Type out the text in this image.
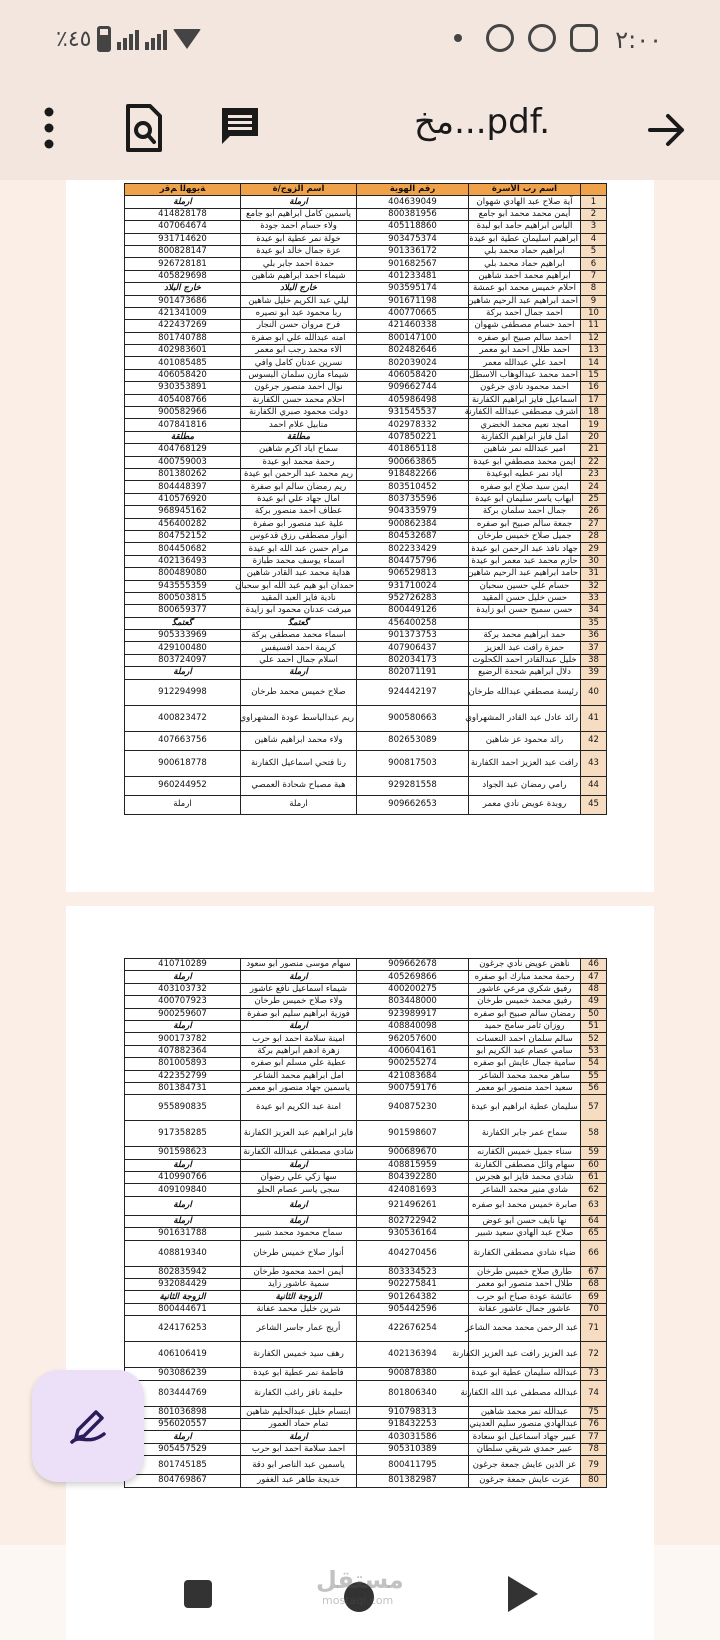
٪٤٥	٢:٠٠
مخ...pdf.
	اسم رب الأسرة	رقم الهوية	اسم الزوج/ة	ﺔﻳﻮﻬﻟا ﻢﻗر
1	آية صلاح عبد الهادي شهوان	404639049	ارملة	ارملة
2	أيمن محمد محمد ابو جامع	800381956	ياسمين كامل ابراهيم ابو جامع	414828178
3	الياس ابراهيم حامد ابو لبدة	405118860	ولاء حسام احمد جودة	407064674
4	ابراهيم اسليمان عطية ابو عيدة	903475374	خولة نمر عطية ابو عيدة	931714620
5	ابراهيم حماد محمد بلي	901336172	عزة جمال خالد ابو عيدة	800828147
6	ابراهيم حماد محمد بلي	901682567	حمدة احمد جابر بلي	926728181
7	ابراهيم محمد احمد شاهين	401233481	شيماء احمد ابراهيم شاهين	405829698
8	احلام خميس محمد ابو عمشة	903595174	خارج البلاد	خارج البلاد
9	احمد ابراهيم عبد الرحيم شاهين	901671198	ليلي عبد الكريم خليل شاهين	901473686
10	احمد جمال احمد بركة	400770665	ربا محمود عبد ابو نصيره	421341009
11	احمد حسام مصطفى شهوان	421460338	فرح مروان حسن النجار	422437269
12	احمد سالم صبيح ابو صفره	800147100	امنه عبدالله علي ابو صفرة	801740788
13	احمد طلال احمد ابو معمر	802482646	الاء محمد رجب ابو معمر	402983601
14	احمد علي عبدالله معمر	802039024	نسرين عدنان كامل وافي	401085485
15	احمد محمد عبدالوهاب الاسطل	406058420	شيماء مازن سلمان البسوس	406058420
16	احمد محمود نادي جرغون	909662744	نوال احمد منصور جرغون	930353891
17	اسماعيل فايز ابراهيم الكفارنة	405986498	احلام محمد حسن الكفارنة	405408766
18	اشرف مصطفى عبدالله الكفارنة	931545537	دولت محمود صبري الكفارنة	900582966
19	امجد نعيم محمد الخضري	402978332	منابيل علام احمد	407841816
20	امل فايز ابراهيم الكفارنة	407850221	مطلقة	مطلقة
21	امير عبدالله نمر شاهين	401865118	سماح اياد اكرم شاهين	404768129
22	ايمن محمد مصطفي ابو عيدة	900663865	رحمة محمد ابو عيدة	400759003
23	اياد نمر عطيه ابوعيدة	918482266	ريم محمد عبد الرحمن ابو عيدة	801380262
24	ايمن سيد صلاح ابو صفره	803510452	ريم رمضان سالم ابو صفرة	804448397
25	ايهاب ياسر سليمان ابو عيدة	803735596	امال جهاد علي ابو عيدة	410576920
26	جمال احمد سلمان بركة	904335979	عطاف احمد منصور بركة	968945162
27	جمعة سالم صبيح ابو صفره	900862384	علية عبد منصور ابو صفرة	456400282
28	جميل صلاح خميس طرخان	804532687	أنوار مصطفى رزق قدعوس	804752152
29	جهاد نافذ عبد الرحمن ابو عيدة	802233429	مرام حسن عبد الله ابو عيدة	804450682
30	حازم محمد عبد معمر ابو عيدة	804475796	اسماء يوسف محمد طبازة	402136493
31	حامد ابراهيم عبد الرحيم شاهين	906529813	هداية محمد عبد القادر شاهين	800489080
32	حسام علي حسين سحبان	931710024	حمدان ابو هيم عبد الله ابو سحبان	943555359
33	حسن خليل حسن المقيد	952726283	نادية فايز العبد المقيد	800503815
34	حسن سميح حسن ابو زايدة	800449126	ميرفت عدنان محمود ابو زايدة	800659377
35		456400258	ﮔﻌﺘﻤﮕ	ﮔﻌﺘﻤﮕ
36	حمد ابراهيم محمد بركة	901373753	اسماء محمد مصطفى بركة	905333969
37	حمزة رافت عبد العزيز	407906437	كريمة احمد افسيفس	429100480
38	خليل عبدالقادر احمد الكحلوت	802034173	اسلام جمال احمد علي	803724097
39	دلال ابراهيم شحدة الرضيع	802071191	ارملة	ارملة
40	رئيسة مصطفي عبدالله طرخان	924442197	صلاح خميس محمد طرخان	912294998
41	رائد عادل عبد القادر المشهراوي	900580663	ريم عبدالباسط عودة المشهراوي	400823472
42	رائد محمود عز شاهين	802653089	ولاء محمد ابراهيم شاهين	407663756
43	رافت عبد العزيز احمد الكفارنة	900817503	رنا فتحي اسماعيل الكفارنة	900618778
44	رامي رمضان عبد الجواد	929281558	هبة مصباح شحادة العمصي	960244952
45	روبدة عويض نادي معمر	909662653	ارملة	ارملة
46	ناهض عويض نادي جرغون	909662678	سهام موسى منصور ابو سعود	410710289
47	رحمة محمد مبارك ابو صفره	405269866	ارملة	ارملة
48	رفيق شكري مرعي عاشور	400200275	شيماء اسماعيل نافع عاشور	403103732
49	رفيق محمد خميس طرخان	803448000	ولاء صلاح خميس طرخان	400707923
50	رمضان سالم صبيح ابو صفره	923989917	فوزية ابراهيم سليم ابو صفرة	900259607
51	روزان ثامر سامح حميد	408840098	ارملة	ارملة
52	سالم سلمان احمد النعسات	962057600	امينة سلامة احمد ابو حرب	900173782
53	سامي عصام عبد الكريم ابو	400604161	زهرة ادهم ابراهيم بركة	407882364
54	سامية جمال عايش ابو صفره	900255274	عطية علي مسلم ابو صفره	801005893
55	ساهر محمد محمد الشاعر	421083684	امل ابراهيم محمد الشاعر	422352799
56	سعيد احمد منصور ابو معمر	900759176	ياسمين جهاد منصور ابو معمر	801384731
57	سليمان عطية ابراهيم ابو عيدة	940875230	امنة عبد الكريم ابو عيدة	955890835
58	سماح عمر جابر الكفارنة	901598607	فايز ابراهيم عبد العزيز الكفارنة	917358285
59	سناء جميل خميس الكفارنه	900689670	شادي مصطفى عبدالله الكفارنة	901598623
60	سهام وائل مصطفى الكفارنة	408815959	ارملة	ارملة
61	شادي محمد فايز ابو هجرس	804392280	سها زكي علي رضوان	410990766
62	شادي منير محمد الشاعر	424081693	سجى ياسر عصام الحلو	409109840
63	صابرة خميس محمد ابو صفره	921496261	ارملة	ارملة
64	نها نايف حسن ابو عوض	802722942	ارملة	ارملة
65	صلاح عبد الهادي سعيد شبير	930536164	سماح محمود محمد شبير	901631788
66	ضياء شادي مصطفى الكفارنة	404270456	أنوار صلاح خميس طرخان	408819340
67	طارق صلاح خميس طرخان	803334523	أيمن احمد محمود طرخان	802835942
68	طلال احمد منصور ابو معمر	902275841	سمية عاشور زايد	932084429
69	عائشة عودة صباح ابو حرب	901264382	الزوجة الثانية	الزوجة الثانية
70	عاشور جمال عاشور عفانة	905442596	شرين خليل محمد عفانة	800444671
71	عبد الرحمن محمد محمد الشاعر	422676254	أريج عمار جاسر الشاعر	424176253
72	عبد العزيز رافت عبد العزيز الكفارنة	402136394	رهف سيد خميس الكفارنة	406106419
73	عبدالله سليمان عطية ابو عيدة	900878380	فاطمة نمر عطية ابو عيدة	903086239
74	عبدالله مصطفى عبد الله الكفارنة	801806340	حليمة نافز راغب الكفارنة	803444769
75	عبدالله نمر محمد شاهين	910798313	ابتسام خليل عبدالحليم شاهين	801036898
76	عبدالهادي منصور سليم العديني	918432253	تمام حماد العمور	956020557
77	عبير جهاد اسماعيل ابو سعادة	403031586	ارملة	ارملة
78	عبير حمدي شريقي سلطان	905310389	احمد سلامة احمد ابو حرب	905457529
79	عز الدين عايش جمعة جرغون	800411795	ياسمين عبد الناصر ابو دقة	801745185
80	عزت عايش جمعة جرغون	801382987	خديجة طاهر عبد الغفور	804769867
مستقل
mostaql.com
